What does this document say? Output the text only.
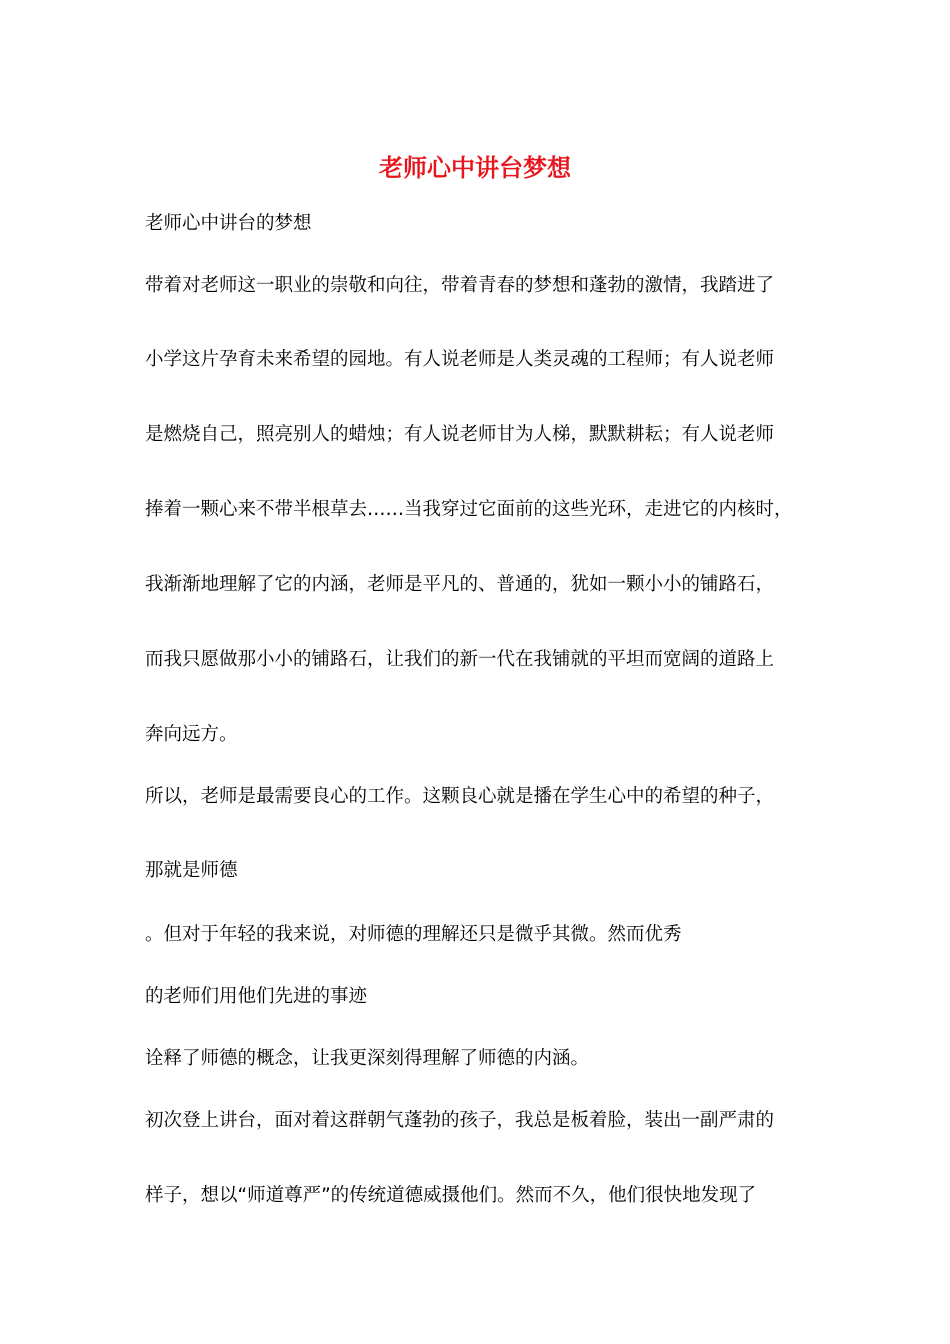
老师心中讲台梦想
老师心中讲台的梦想
带着对老师这一职业的崇敬和向往，带着青春的梦想和蓬勃的激情，我踏进了
小学这片孕育未来希望的园地。有人说老师是人类灵魂的工程师；有人说老师
是燃烧自己，照亮别人的蜡烛；有人说老师甘为人梯，默默耕耘；有人说老师
捧着一颗心来不带半根草去……当我穿过它面前的这些光环，走进它的内核时，
我渐渐地理解了它的内涵，老师是平凡的、普通的，犹如一颗小小的铺路石，
而我只愿做那小小的铺路石，让我们的新一代在我铺就的平坦而宽阔的道路上
奔向远方。
所以，老师是最需要良心的工作。这颗良心就是播在学生心中的希望的种子，
那就是师德
。但对于年轻的我来说，对师德的理解还只是微乎其微。然而优秀
的老师们用他们先进的事迹
诠释了师德的概念，让我更深刻得理解了师德的内涵。
初次登上讲台，面对着这群朝气蓬勃的孩子，我总是板着脸，装出一副严肃的
样子，想以“师道尊严”的传统道德威摄他们。然而不久，他们很快地发现了
